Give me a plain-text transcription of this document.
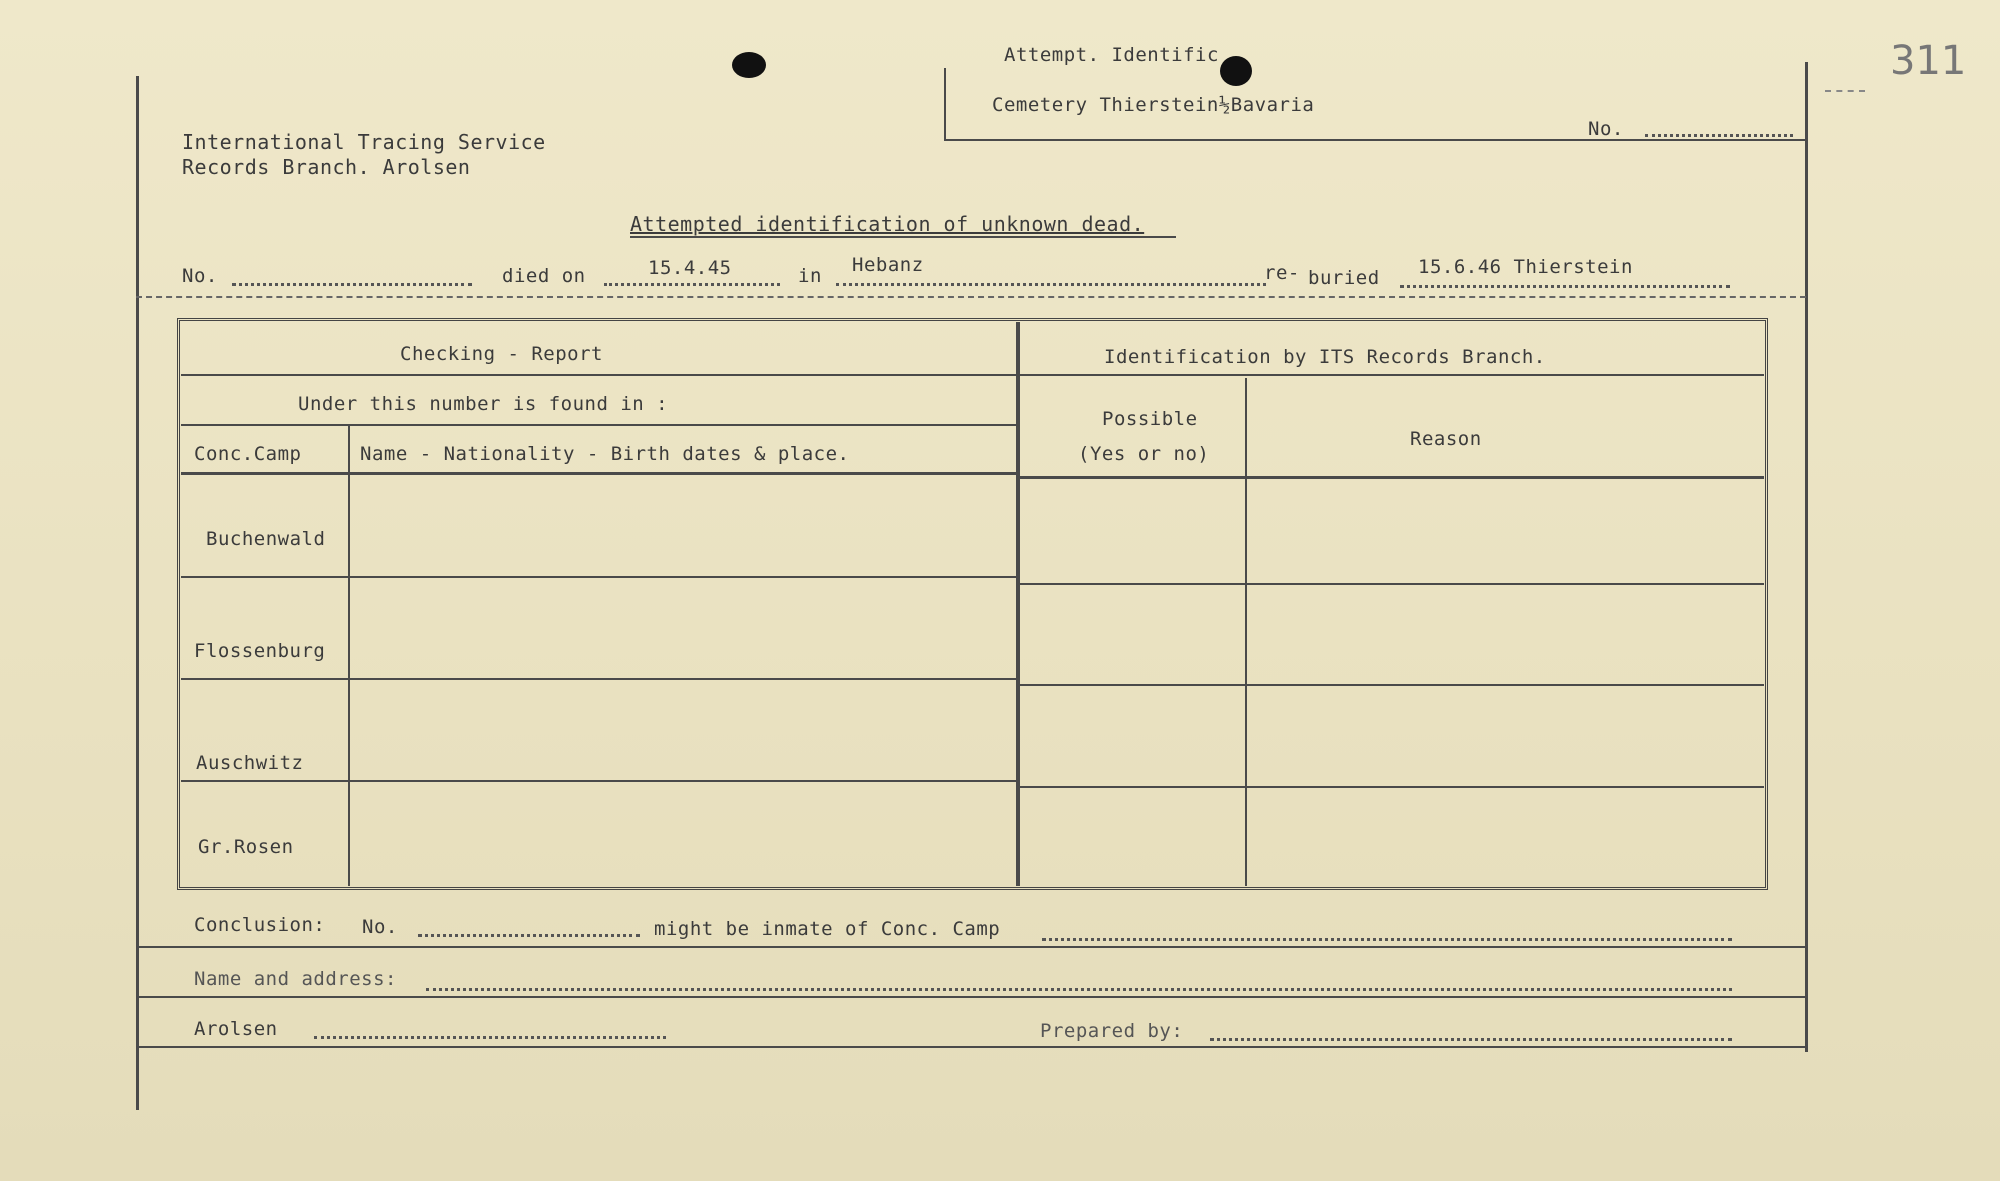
311
Attempt. Identific
Cemetery Thierstein½Bavaria
No.
International Tracing Service
Records Branch. Arolsen
Attempted identification of unknown dead.
No.	died on	15.4.45	in Hebanz	re- buried 15.6.46 Thierstein
Checking - Report	Identification by ITS Records Branch.
Under this number is found in :
Conc.Camp	Name - Nationality - Birth dates & place.
Possible
(Yes or no)
Reason
Buchenwald
Flossenburg
Auschwitz
Gr.Rosen
Conclusion: No.	might be inmate of Conc. Camp
Name and address:
Arolsen	Prepared by:
